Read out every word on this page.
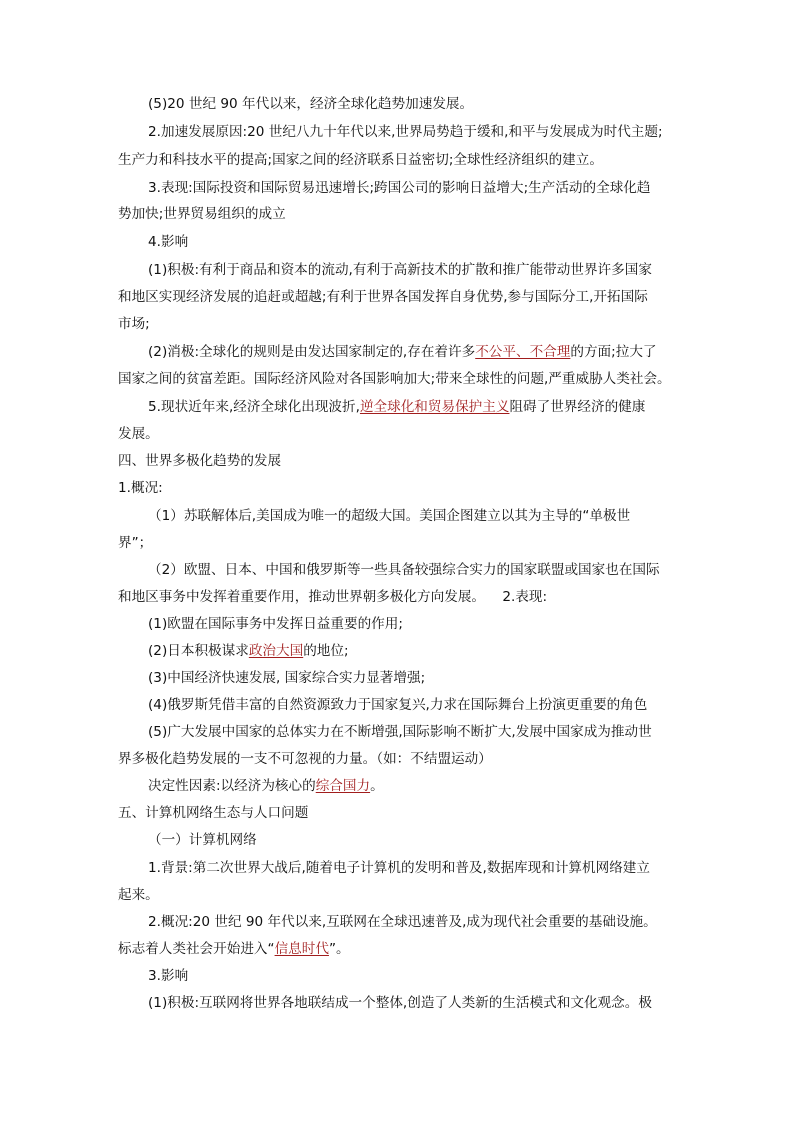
(5)20 世纪 90 年代以来，经济全球化趋势加速发展。
2.加速发展原因:20 世纪八九十年代以来,世界局势趋于缓和,和平与发展成为时代主题;
生产力和科技水平的提高;国家之间的经济联系日益密切;全球性经济组织的建立。
3.表现:国际投资和国际贸易迅速增长;跨国公司的影响日益增大;生产活动的全球化趋
势加快;世界贸易组织的成立
4.影响
(1)积极:有利于商品和资本的流动,有利于高新技术的扩散和推广能带动世界许多国家
和地区实现经济发展的追赶或超越;有利于世界各国发挥自身优势,参与国际分工,开拓国际
市场;
(2)消极:全球化的规则是由发达国家制定的,存在着许多不公平、不合理的方面;拉大了
国家之间的贫富差距。国际经济风险对各国影响加大;带来全球性的问题,严重威胁人类社会。
5.现状近年来,经济全球化出现波折,逆全球化和贸易保护主义阻碍了世界经济的健康
发展。
四、世界多极化趋势的发展
1.概况:
（1）苏联解体后,美国成为唯一的超级大国。美国企图建立以其为主导的“单极世
界”；
（2）欧盟、日本、中国和俄罗斯等一些具备较强综合实力的国家联盟或国家也在国际
和地区事务中发挥着重要作用，推动世界朝多极化方向发展。    2.表现:
(1)欧盟在国际事务中发挥日益重要的作用;
(2)日本积极谋求政治大国的地位;
(3)中国经济快速发展, 国家综合实力显著增强;
(4)俄罗斯凭借丰富的自然资源致力于国家复兴,力求在国际舞台上扮演更重要的角色
(5)广大发展中国家的总体实力在不断增强,国际影响不断扩大,发展中国家成为推动世
界多极化趋势发展的一支不可忽视的力量。（如：不结盟运动）
决定性因素:以经济为核心的综合国力。
五、计算机网络生态与人口问题
（一）计算机网络
1.背景:第二次世界大战后,随着电子计算机的发明和普及,数据库现和计算机网络建立
起来。
2.概况:20 世纪 90 年代以来,互联网在全球迅速普及,成为现代社会重要的基础设施。
标志着人类社会开始进入“信息时代”。
3.影响
(1)积极:互联网将世界各地联结成一个整体,创造了人类新的生活模式和文化观念。极
